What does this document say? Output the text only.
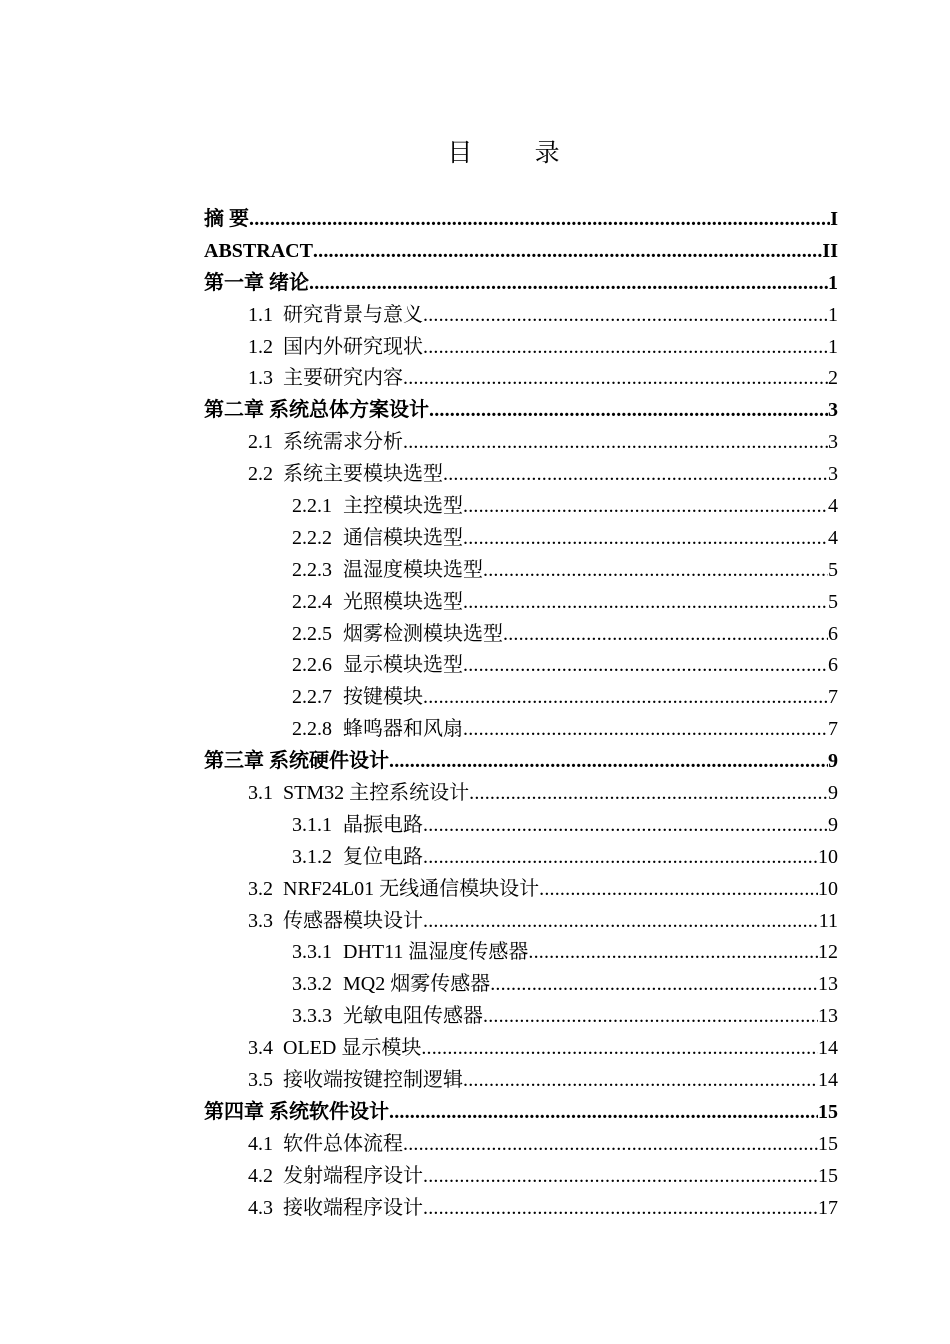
目 录
摘 要 .....	I
ABSTRACT .....	II
第一章 绪论 .....	1
1.1 研究背景与意义 .....	1
1.2 国内外研究现状 .....	1
1.3 主要研究内容 .....	2
第二章 系统总体方案设计 .....	3
2.1 系统需求分析 .....	3
2.2 系统主要模块选型 .....	3
2.2.1 主控模块选型 .....	4
2.2.2 通信模块选型 .....	4
2.2.3 温湿度模块选型 .....	5
2.2.4 光照模块选型 .....	5
2.2.5 烟雾检测模块选型 .....	6
2.2.6 显示模块选型 .....	6
2.2.7 按键模块 .....	7
2.2.8 蜂鸣器和风扇 .....	7
第三章 系统硬件设计 .....	9
3.1 STM32 主控系统设计 .....	9
3.1.1 晶振电路 .....	9
3.1.2 复位电路 .....	10
3.2 NRF24L01 无线通信模块设计 .....	10
3.3 传感器模块设计 .....	11
3.3.1 DHT11 温湿度传感器 .....	12
3.3.2 MQ2 烟雾传感器 .....	13
3.3.3 光敏电阻传感器 .....	13
3.4 OLED 显示模块 .....	14
3.5 接收端按键控制逻辑 .....	14
第四章 系统软件设计 .....	15
4.1 软件总体流程 .....	15
4.2 发射端程序设计 .....	15
4.3 接收端程序设计 .....	17
